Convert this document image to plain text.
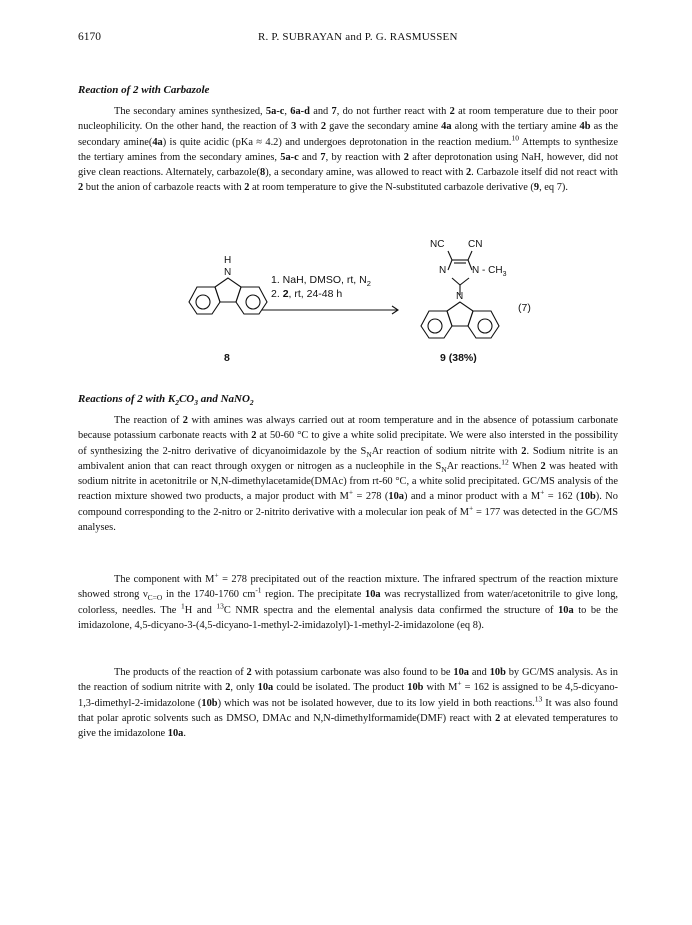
6170	R. P. SUBRAYAN and P. G. RASMUSSEN
Reaction of 2 with Carbazole

The secondary amines synthesized, 5a-c, 6a-d and 7, do not further react with 2 at room temperature due to their poor nucleophilicity. On the other hand, the reaction of 3 with 2 gave the secondary amine 4a along with the tertiary amine 4b as the secondary amine(4a) is quite acidic (pKa ≈ 4.2) and undergoes deprotonation in the reaction medium.$^{10}$ Attempts to synthesize the tertiary amines from the secondary amines, 5a-c and 7, by reaction with 2 after deprotonation using NaH, however, did not give clean reactions. Alternately, carbazole(8), a secondary amine, was allowed to react with 2. Carbazole itself did not react with 2 but the anion of carbazole reacts with 2 at room temperature to give the N-substituted carbazole derivative (9, eq 7).

H
N
NC CN
N	N - $CH_3$
N
1. NaH, DMSO, rt, $N_2$
2. 2, rt, 24-48 h
8	9 (38%)
(7)
Reactions of 2 with $K_2CO_3$ and NaNO$_2$

The reaction of 2 with amines was always carried out at room temperature and in the absence of potassium carbonate because potassium carbonate reacts with 2 at 50-60 °C to give a white solid precipitate. We were also intersted in the possibility of synthesizing the 2-nitro derivative of dicyanoimidazole by the $S_NAr$ reaction of sodium nitrite with 2. Sodium nitrite is an ambivalent anion that can react through oxygen or nitrogen as a nucleophile in the $S_NAr$ reactions.$^{12}$ When 2 was heated with sodium nitrite in acetonitrile or N,N-dimethylacetamide(DMAc) from rt-60 °C, a white solid precipitated. GC/MS analysis of the reaction mixture showed two products, a major product with M+ = 278 (10a) and a minor product with a M+ = 162 (10b). No compound corresponding to the 2-nitro or 2-nitrito derivative with a molecular ion peak of M+ = 177 was detected in the GC/MS analyses.

The component with M+ = 278 precipitated out of the reaction mixture. The infrared spectrum of the reaction mixture showed strong $\nu_{C=O}$ in the 1740-1760 $cm^{-1}$ region. The precipitate 10a was recrystallized from water/acetonitrile to give long, colorless, needles. The $^1$H and $^{13}$C NMR spectra and the elemental analysis data confirmed the structure of 10a to be the imidazolone, 4,5-dicyano-3-(4,5-dicyano-1-methyl-2-imidazolyl)-1-methyl-2-imidazolone (eq 8).

The products of the reaction of 2 with potassium carbonate was also found to be 10a and 10b by GC/MS analysis. As in the reaction of sodium nitrite with 2, only 10a could be isolated. The product 10b with M+ = 162 is assigned to be 4,5-dicyano-1,3-dimethyl-2-imidazolone (10b) which was not be isolated however, due to its low yield in both reactions.$^{13}$ It was also found that polar aprotic solvents such as DMSO, DMAc and N,N-dimethylformamide(DMF) react with 2 at elevated temperatures to give the imidazolone 10a.
